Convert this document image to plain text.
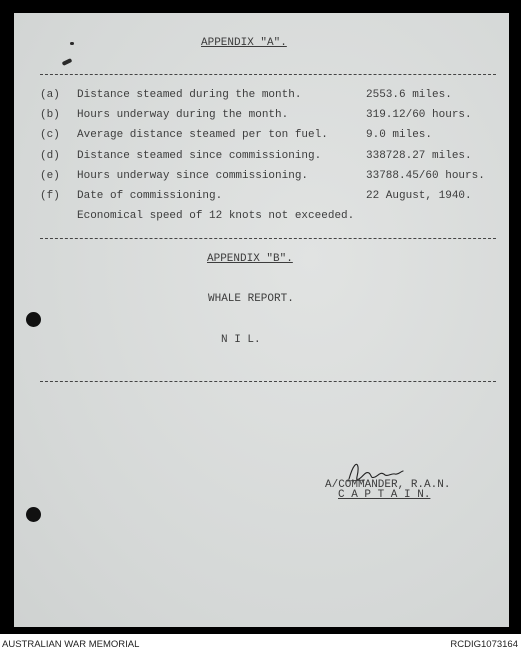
APPENDIX "A".
(a) Distance steamed during the month.	2553.6 miles.
(b) Hours underway during the month.	319.12/60 hours.
(c) Average distance steamed per ton fuel.	9.0 miles.
(d) Distance steamed since commissioning.	338728.27 miles.
(e) Hours underway since commissioning.	33788.45/60 hours.
(f) Date of commissioning.	22 August, 1940.
Economical speed of 12 knots not exceeded.
APPENDIX "B".
WHALE REPORT.
N I L.
A/COMMANDER, R.A.N.
C A P T A I N.
AUSTRALIAN WAR MEMORIAL	RCDIG1073164
